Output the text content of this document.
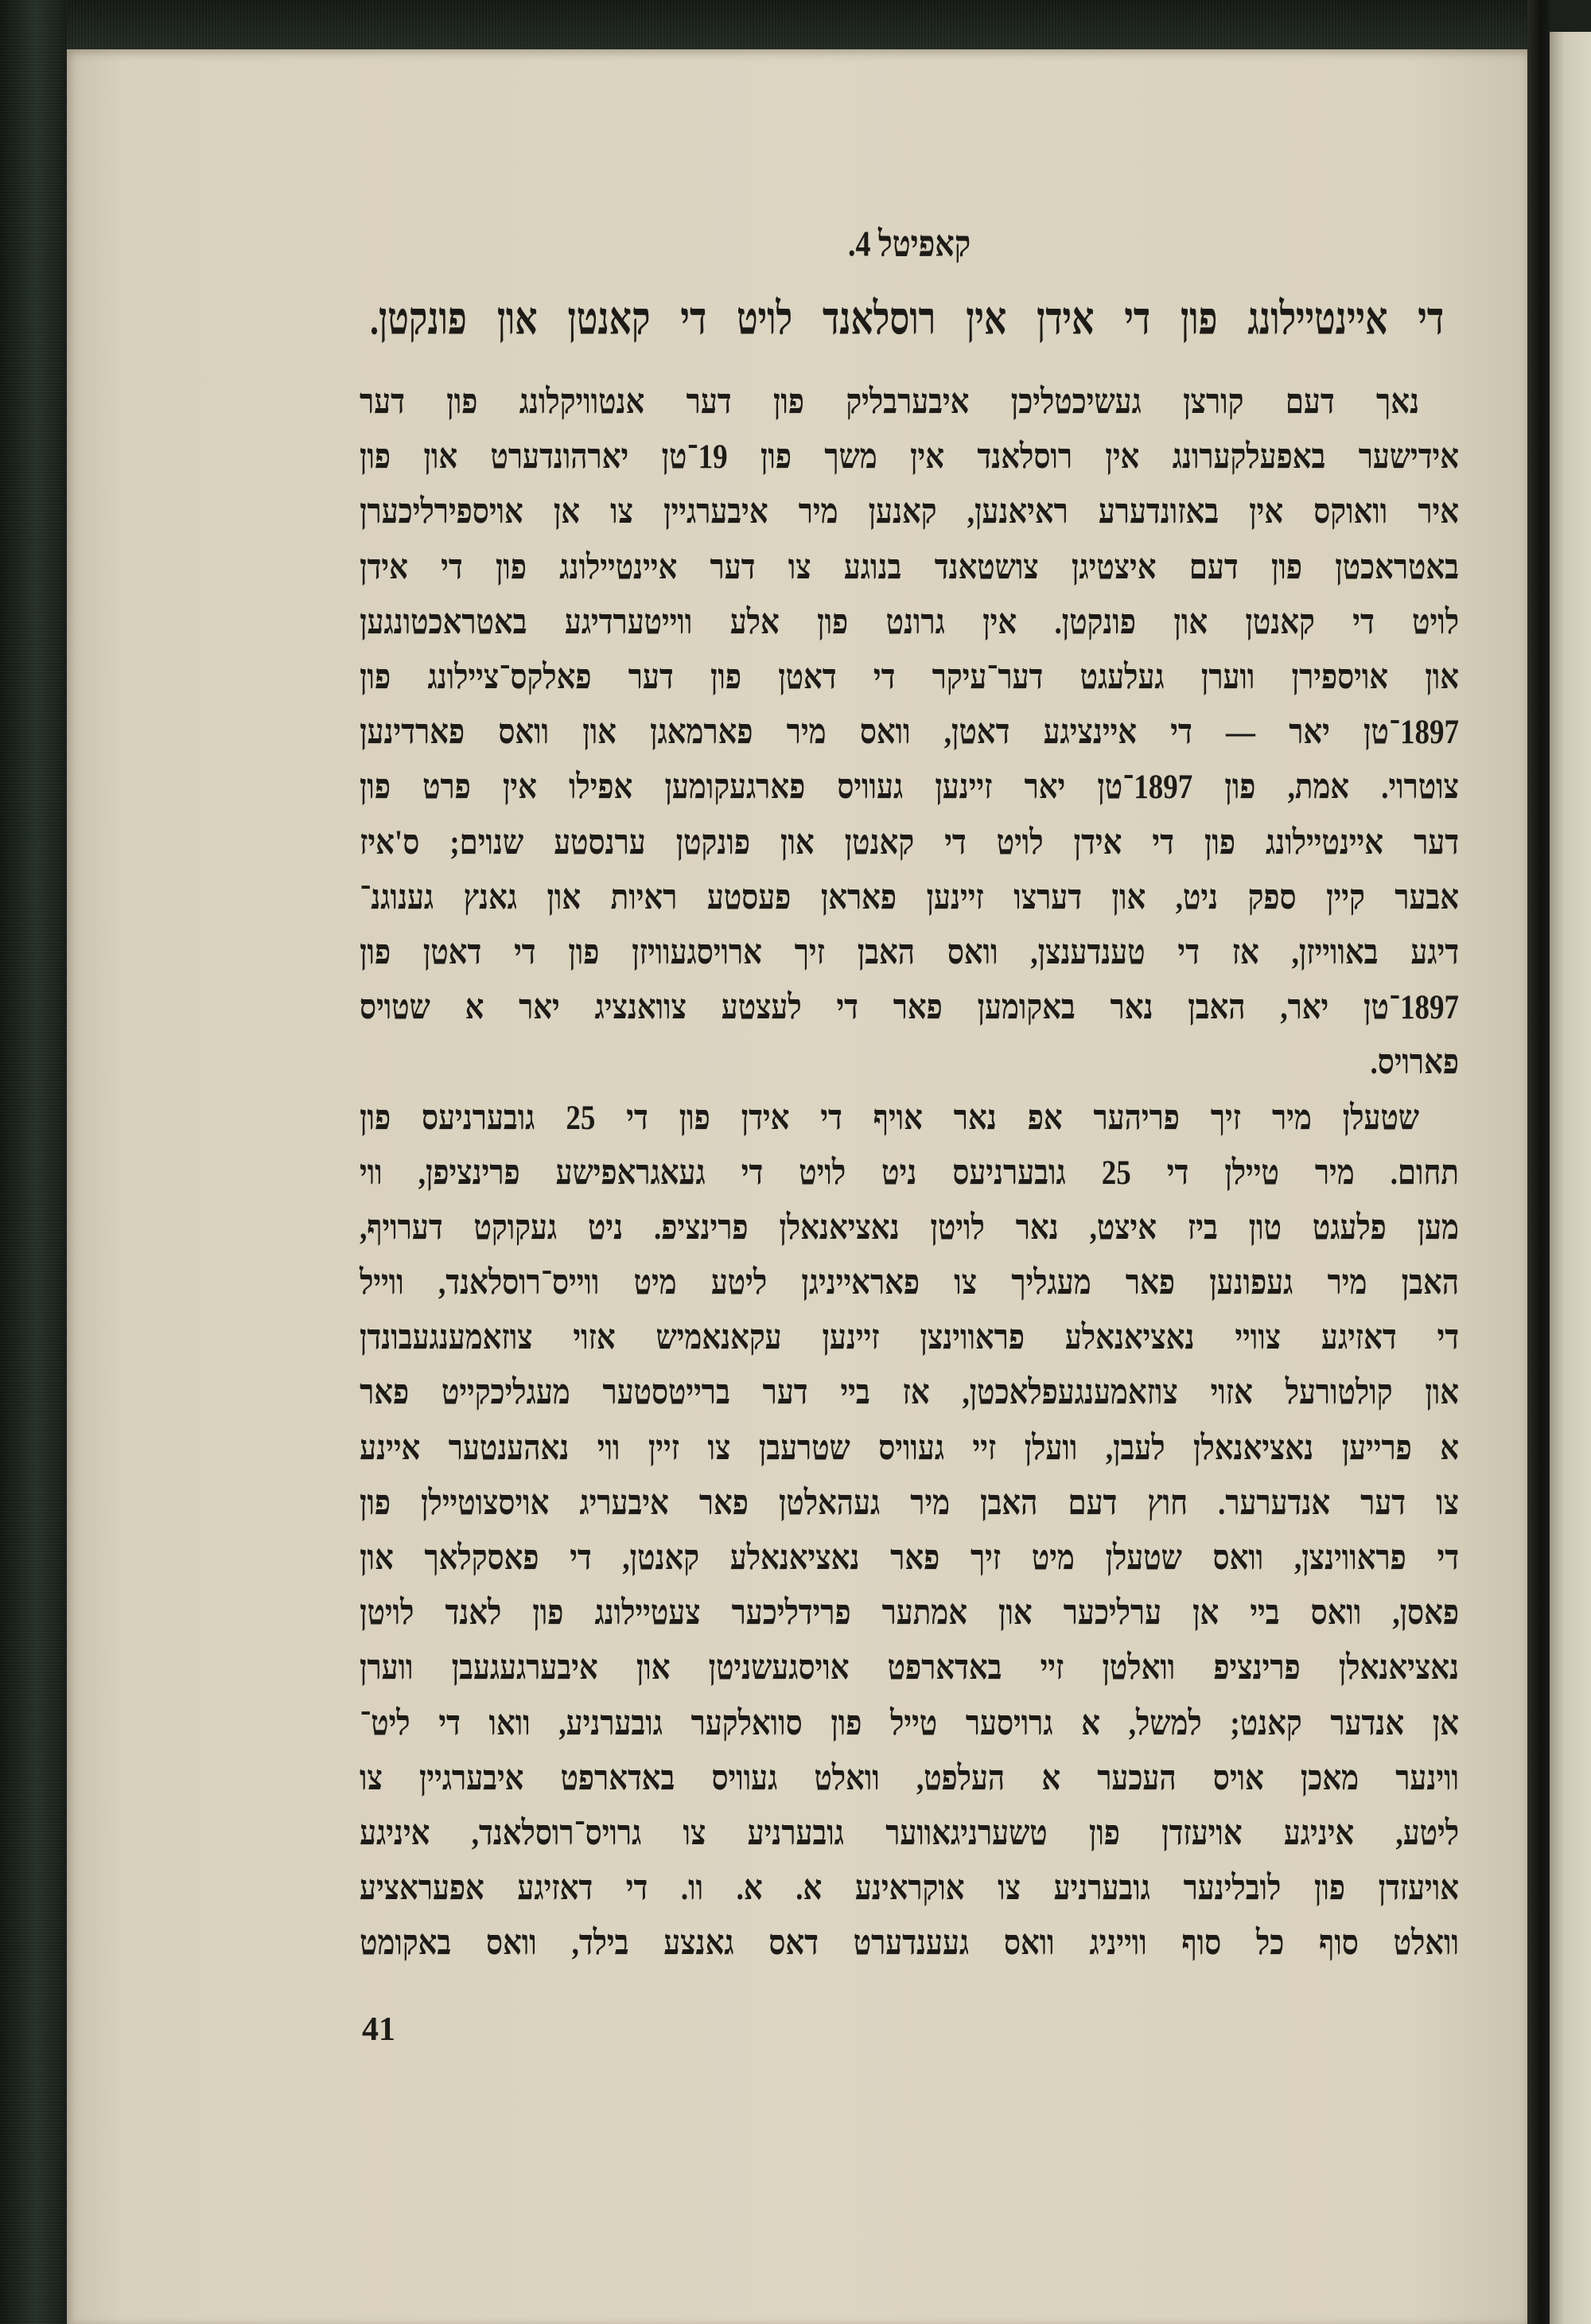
קאפיטל 4.
די
איינטיילונג
פון
די
אידן
אין
רוסלאנד
לויט
די
קאנטן
און
פונקטן.
נאך
דעם
קורצן
געשיכטליכן
איבערבליק
פון
דער
אנטוויקלונג
פון
דער
אידישער
באפעלקערונג
אין
רוסלאנד
אין
משך
פון
19־טן
יארהונדערט
און
פון
איר
וואוקס
אין
באזונדערע
ראיאנען,
קאנען
מיר
איבערגיין
צו
אן
אויספירליכערן
באטראכטן
פון
דעם
איצטיגן
צושטאנד
בנוגע
צו
דער
איינטיילונג
פון
די
אידן
לויט
די
קאנטן
און
פונקטן.
אין
גרונט
פון
אלע
ווייטערדיגע
באטראכטונגען
און
אויספירן
ווערן
געלעגט
דער־עיקר
די
דאטן
פון
דער
פאלקס־ציילונג
פון
1897־טן
יאר
—
די
איינציגע
דאטן,
וואס
מיר
פארמאגן
און
וואס
פארדינען
צוטרוי.
אמת,
פון
1897־טן
יאר
זיינען
געוויס
פארגעקומען
אפילו
אין
פרט
פון
דער
איינטיילונג
פון
די
אידן
לויט
די
קאנטן
און
פונקטן
ערנסטע
שנוים;
ס'איז
אבער
קיין
ספק
ניט,
און
דערצו
זיינען
פאראן
פעסטע
ראיות
און
גאנץ
גענוגנ־
דיגע
באווייזן,
אז
די
טענדענצן,
וואס
האבן
זיך
ארויסגעוויזן
פון
די
דאטן
פון
1897־טן
יאר,
האבן
נאר
באקומען
פאר
די
לעצטע
צוואנציג
יאר
א
שטויס
פארויס.
שטעלן
מיר
זיך
פריהער
אפ
נאר
אויף
די
אידן
פון
די
25
גובערניעס
פון
תחום.
מיר
טיילן
די
25
גובערניעס
ניט
לויט
די
געאגראפישע
פרינציפן,
ווי
מען
פלעגט
טון
ביז
איצט,
נאר
לויטן
נאציאנאלן
פרינציפ.
ניט
געקוקט
דערויף,
האבן
מיר
געפונען
פאר
מעגליך
צו
פאראייניגן
ליטע
מיט
ווייס־רוסלאנד,
ווייל
די
דאזיגע
צוויי
נאציאנאלע
פראווינצן
זיינען
עקאנאמיש
אזוי
צוזאמענגעבונדן
און
קולטורעל
אזוי
צוזאמענגעפלאכטן,
אז
ביי
דער
ברייטסטער
מעגליכקייט
פאר
א
פרייען
נאציאנאלן
לעבן,
וועלן
זיי
געוויס
שטרעבן
צו
זיין
ווי
נאהענטער
איינע
צו
דער
אנדערער.
חוץ
דעם
האבן
מיר
געהאלטן
פאר
איבעריג
אויסצוטיילן
פון
די
פראווינצן,
וואס
שטעלן
מיט
זיך
פאר
נאציאנאלע
קאנטן,
די
פאסקלאך
און
פאסן,
וואס
ביי
אן
ערליכער
און
אמתער
פרידליכער
צעטיילונג
פון
לאנד
לויטן
נאציאנאלן
פרינציפ
וואלטן
זיי
באדארפט
אויסגעשניטן
און
איבערגעגעבן
ווערן
אן
אנדער
קאנט;
למשל,
א
גרויסער
טייל
פון
סוואלקער
גובערניע,
וואו
די
ליט־
ווינער
מאכן
אויס
העכער
א
העלפט,
וואלט
געוויס
באדארפט
איבערגיין
צו
ליטע,
איניגע
אויעזדן
פון
טשערניגאווער
גובערניע
צו
גרויס־רוסלאנד,
איניגע
אויעזדן
פון
לובלינער
גובערניע
צו
אוקראינע
א.
א.
וו.
די
דאזיגע
אפעראציע
וואלט
סוף
כל
סוף
ווייניג
וואס
געענדערט
דאס
גאנצע
בילד,
וואס
באקומט
41
